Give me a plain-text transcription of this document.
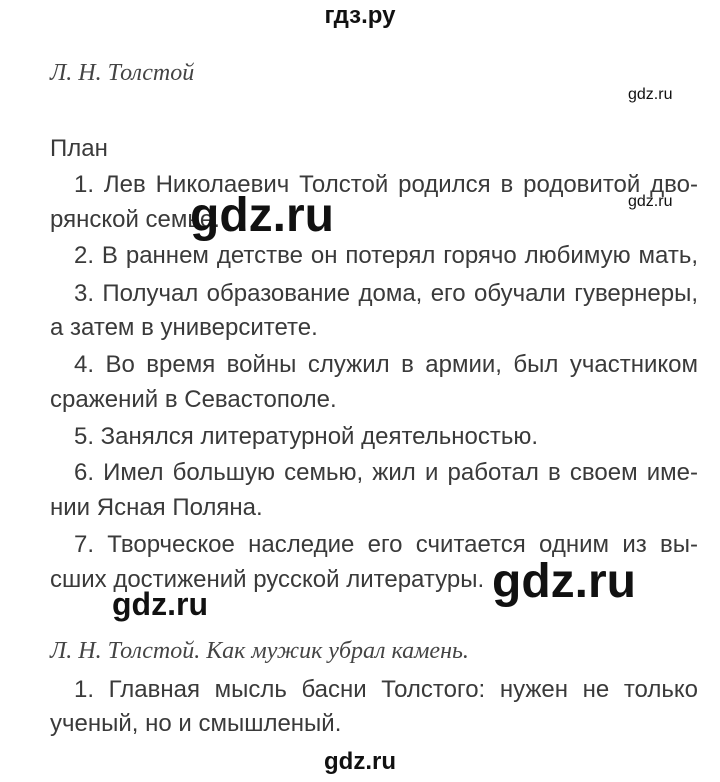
гдз.ру
Л. Н. Толстой
gdz.ru
План
1. Лев Николаевич Толстой родился в родовитой дво-
рянской семье.
gdz.ru
gdz.ru
2. В раннем детстве он потерял горячо любимую мать,
3. Получал образование дома, его обучали гувернеры,
а затем в университете.
4. Во время войны служил в армии, был участником
сражений в Севастополе.
5. Занялся литературной деятельностью.
6. Имел большую семью, жил и работал в своем име-
нии Ясная Поляна.
7. Творческое наследие его считается одним из вы-
сших достижений русской литературы. gdz.ru
gdz.ru
Л. Н. Толстой. Как мужик убрал камень.
1. Главная мысль басни Толстого: нужен не только
ученый, но и смышленый.
gdz.ru
